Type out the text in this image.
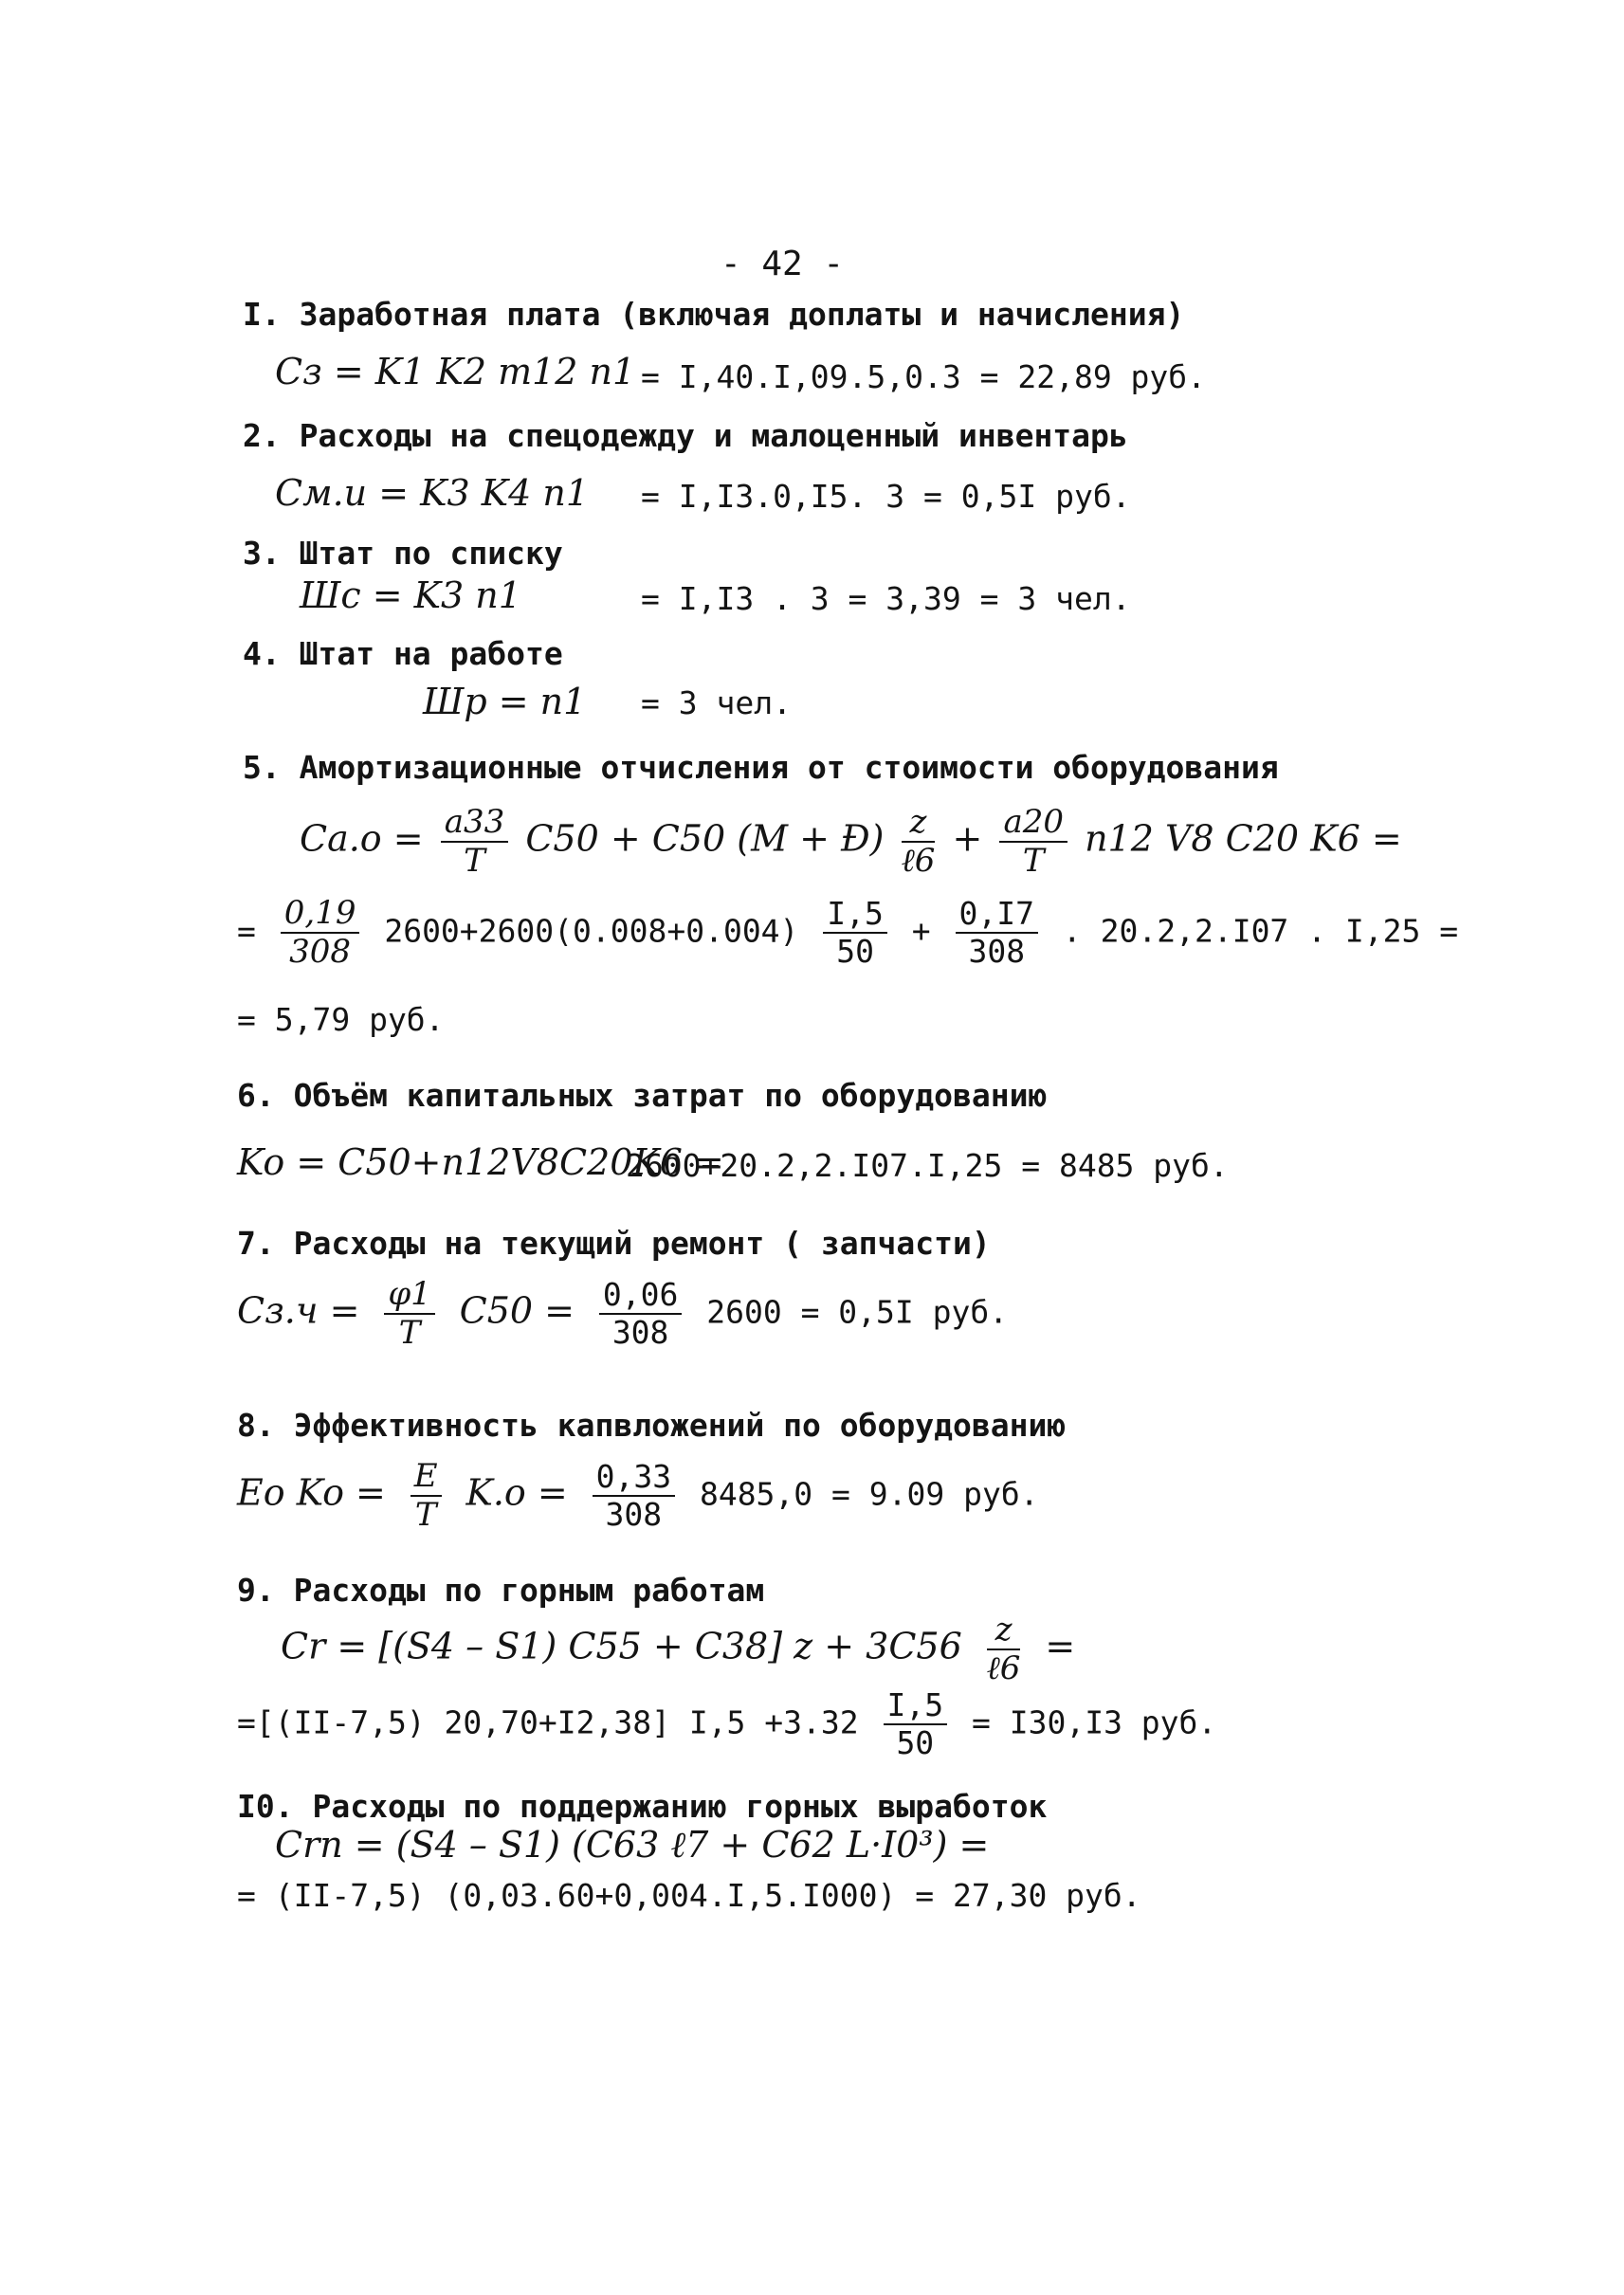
- 42 -
I. Заработная плата (включая доплаты и начисления)
Cз = K1 K2 m12 n1 = I,40.I,09.5,0.3 = 22,89 руб.
2. Расходы на спецодежду и малоценный инвентарь
Cм.и = K3 K4 n1 = I,I3.0,I5. 3 = 0,5I руб.
3. Штат по списку
Шс = K3 n1	= I,I3 . 3 = 3,39 = 3 чел.
4. Штат на работе
Шр = n1 = 3 чел.
5. Амортизационные отчисления от стоимости оборудования
$Ca.o = \frac{a33}{T} C50 + C50$ (M + Ð) $\frac{z}{\text{ℓ6}} + \frac{a20}{T} n12$ V8 C20 K6 =
= $\frac{0,19}{308} 2600+2600(0.008+0.004) \frac{I,5}{50} + \frac{0,I7}{308}$ . 20.2,2.I07 . I,25 =
= 5,79 руб.
6. Объём капитальных затрат по оборудованию
Ko = C50+n12V8C20K6 =
2600+20.2,2.I07.I,25 = 8485 руб.
7. Расходы на текущий ремонт ( запчасти)
$Cз.ч = \frac{\varphi 1}{T} C50 = \frac{0,06}{308} 2600 = 0,5I$ руб.
8. Эффективность капвложений по оборудованию
Eo $Ko = \frac{E}{T} K.o = \frac{0,33}{308} 8485,0 = 9.09$ руб.
9. Расходы по горным работам
Cr = [(S4 – S1) C55 + C38] $z + 3C56 \frac{z}{\text{ℓ6}}$ =
=[(II-7,5) 20,70+I2,38] $I,5 +3.32 \frac{I,5}{50} = I30,I3$ руб.
I0. Расходы по поддержанию горных выработок
Crn = (S4 – S1) (C63 ℓ7 + C62 L·I0³) =
= (II-7,5) (0,03.60+0,004.I,5.I000) = 27,30 руб.
